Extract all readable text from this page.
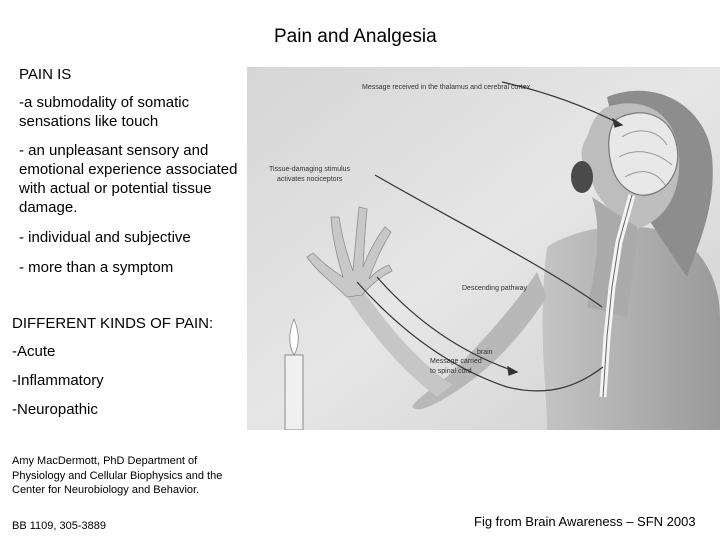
Pain and Analgesia
PAIN IS
-a submodality of somatic sensations like touch
- an unpleasant sensory and emotional experience associated with actual or potential tissue damage.
- individual and subjective
- more than a symptom
DIFFERENT KINDS OF PAIN:
-Acute
-Inflammatory
-Neuropathic
Amy MacDermott, PhD Department of Physiology and Cellular Biophysics and the Center for Neurobiology and Behavior.
BB 1109, 305-3889
Message received in the thalamus and cerebral cortex
Tissue-damaging stimulus
activates nociceptors
Descending pathway
brain
Message carried
to spinal cord
Fig from Brain Awareness – SFN 2003
